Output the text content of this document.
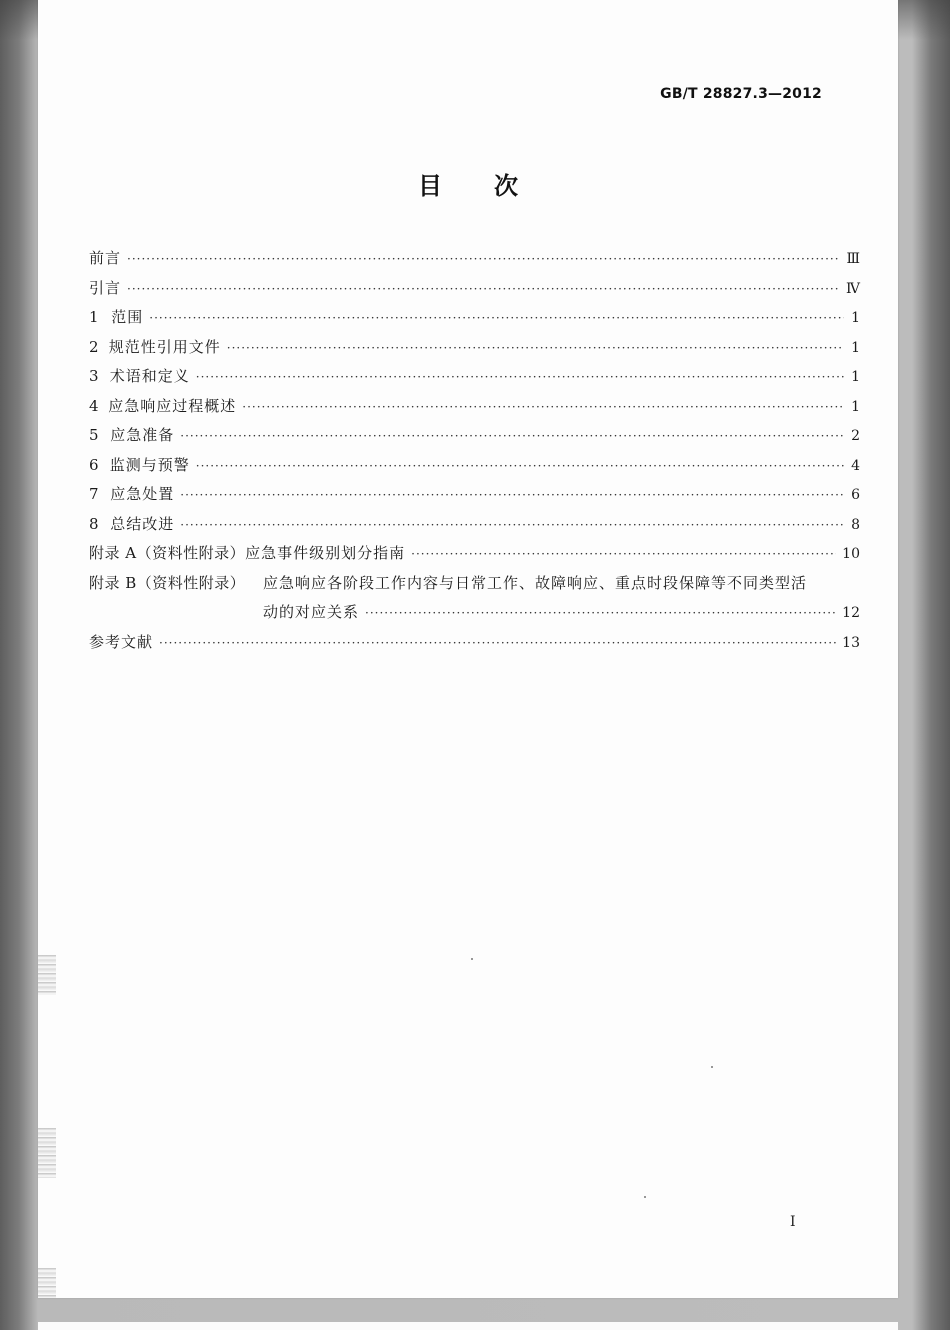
GB/T 28827.3—2012
目次
前言 ·····	Ⅲ
引言 ·····	Ⅳ
1 范围 ·····	1
2 规范性引用文件 ·····	1
3 术语和定义 ·····	1
4 应急响应过程概述 ·····	1
5 应急准备 ·····	2
6 监测与预警 ·····	4
7 应急处置 ·····	6
8 总结改进 ·····	8
附录 A（资料性附录） 应急事件级别划分指南 ·····	10
附录 B（资料性附录）	应急响应各阶段工作内容与日常工作、故障响应、重点时段保障等不同类型活
动的对应关系 ·····	12
参考文献 ·····	13
I
